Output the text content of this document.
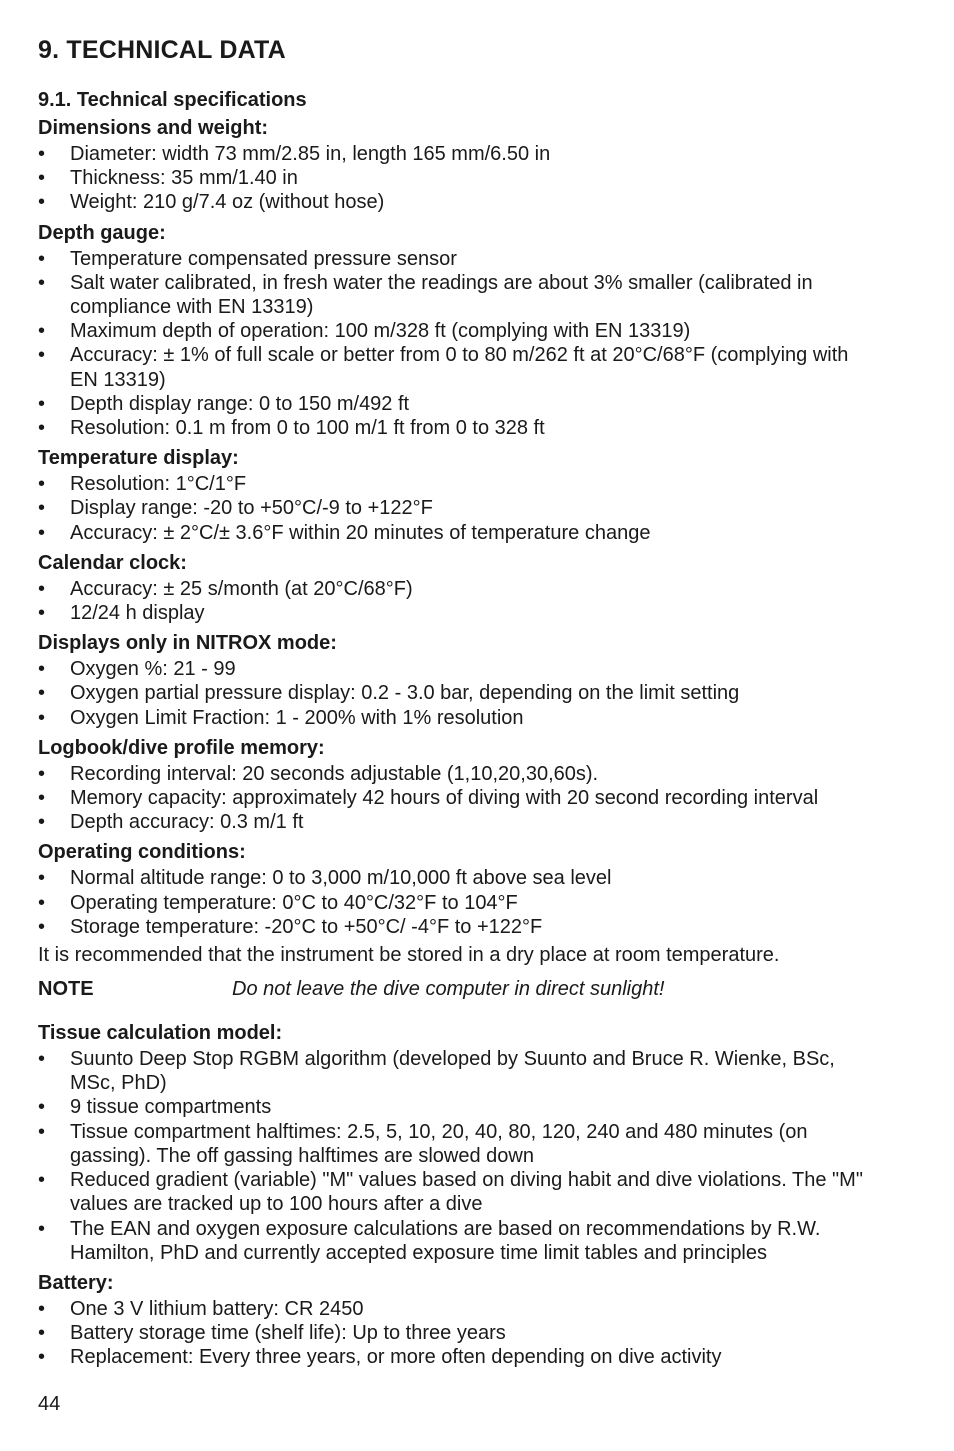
9. TECHNICAL DATA
9.1. Technical specifications
Dimensions and weight:
• Diameter: width 73 mm/2.85 in, length 165 mm/6.50 in
• Thickness: 35 mm/1.40 in
• Weight: 210 g/7.4 oz (without hose)
Depth gauge:
• Temperature compensated pressure sensor
• Salt water calibrated, in fresh water the readings are about 3% smaller (calibrated in compliance with EN 13319)
• Maximum depth of operation: 100 m/328 ft (complying with EN 13319)
• Accuracy: ± 1% of full scale or better from 0 to 80 m/262 ft at 20°C/68°F (complying with EN 13319)
• Depth display range: 0 to 150 m/492 ft
• Resolution: 0.1 m from 0 to 100 m/1 ft from 0 to 328 ft
Temperature display:
• Resolution: 1°C/1°F
• Display range: -20 to +50°C/-9 to +122°F
• Accuracy: ± 2°C/± 3.6°F within 20 minutes of temperature change
Calendar clock:
• Accuracy: ± 25 s/month (at 20°C/68°F)
• 12/24 h display
Displays only in NITROX mode:
• Oxygen %: 21 - 99
• Oxygen partial pressure display: 0.2 - 3.0 bar, depending on the limit setting
• Oxygen Limit Fraction: 1 - 200% with 1% resolution
Logbook/dive profile memory:
• Recording interval: 20 seconds adjustable (1,10,20,30,60s).
• Memory capacity: approximately 42 hours of diving with 20 second recording interval
• Depth accuracy: 0.3 m/1 ft
Operating conditions:
• Normal altitude range: 0 to 3,000 m/10,000 ft above sea level
• Operating temperature: 0°C to 40°C/32°F to 104°F
• Storage temperature: -20°C to +50°C/ -4°F to +122°F

It is recommended that the instrument be stored in a dry place at room temperature.

NOTE	Do not leave the dive computer in direct sunlight!
Tissue calculation model:
• Suunto Deep Stop RGBM algorithm (developed by Suunto and Bruce R. Wienke, BSc, MSc, PhD)
• 9 tissue compartments
• Tissue compartment halftimes: 2.5, 5, 10, 20, 40, 80, 120, 240 and 480 minutes (on gassing). The off gassing halftimes are slowed down
• Reduced gradient (variable) "M" values based on diving habit and dive violations. The "M" values are tracked up to 100 hours after a dive
• The EAN and oxygen exposure calculations are based on recommendations by R.W. Hamilton, PhD and currently accepted exposure time limit tables and principles
Battery:
• One 3 V lithium battery: CR 2450
• Battery storage time (shelf life): Up to three years
• Replacement: Every three years, or more often depending on dive activity
44
